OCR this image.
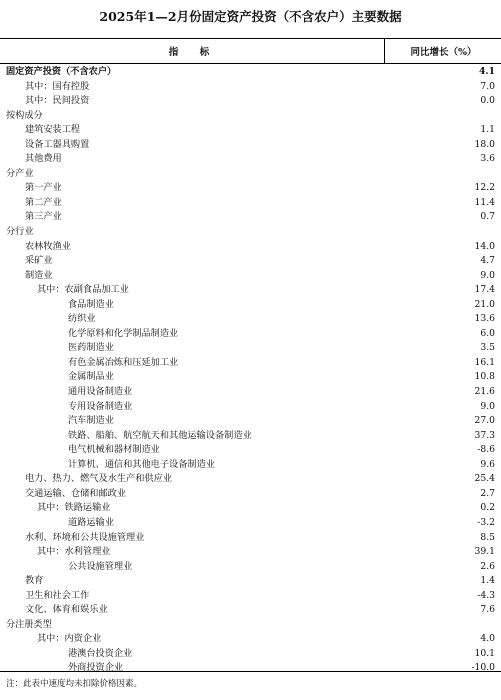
2025年1—2月份固定资产投资（不含农户）主要数据
指　标	同比增长（%）
固定资产投资（不含农户）	4.1
其中：国有控股	7.0
其中：民间投资	0.0
按构成分
建筑安装工程	1.1
设备工器具购置	18.0
其他费用	3.6
分产业
第一产业	12.2
第二产业	11.4
第三产业	0.7
分行业
农林牧渔业	14.0
采矿业	4.7
制造业	9.0
其中：农副食品加工业	17.4
食品制造业	21.0
纺织业	13.6
化学原料和化学制品制造业	6.0
医药制造业	3.5
有色金属冶炼和压延加工业	16.1
金属制品业	10.8
通用设备制造业	21.6
专用设备制造业	9.0
汽车制造业	27.0
铁路、船舶、航空航天和其他运输设备制造业	37.3
电气机械和器材制造业	-8.6
计算机、通信和其他电子设备制造业	9.6
电力、热力、燃气及水生产和供应业	25.4
交通运输、仓储和邮政业	2.7
其中：铁路运输业	0.2
道路运输业	-3.2
水利、环境和公共设施管理业	8.5
其中：水利管理业	39.1
公共设施管理业	2.6
教育	1.4
卫生和社会工作	-4.3
文化、体育和娱乐业	7.6
分注册类型
其中：内资企业	4.0
港澳台投资企业	10.1
外商投资企业	-10.0
注：此表中速度均未扣除价格因素。
